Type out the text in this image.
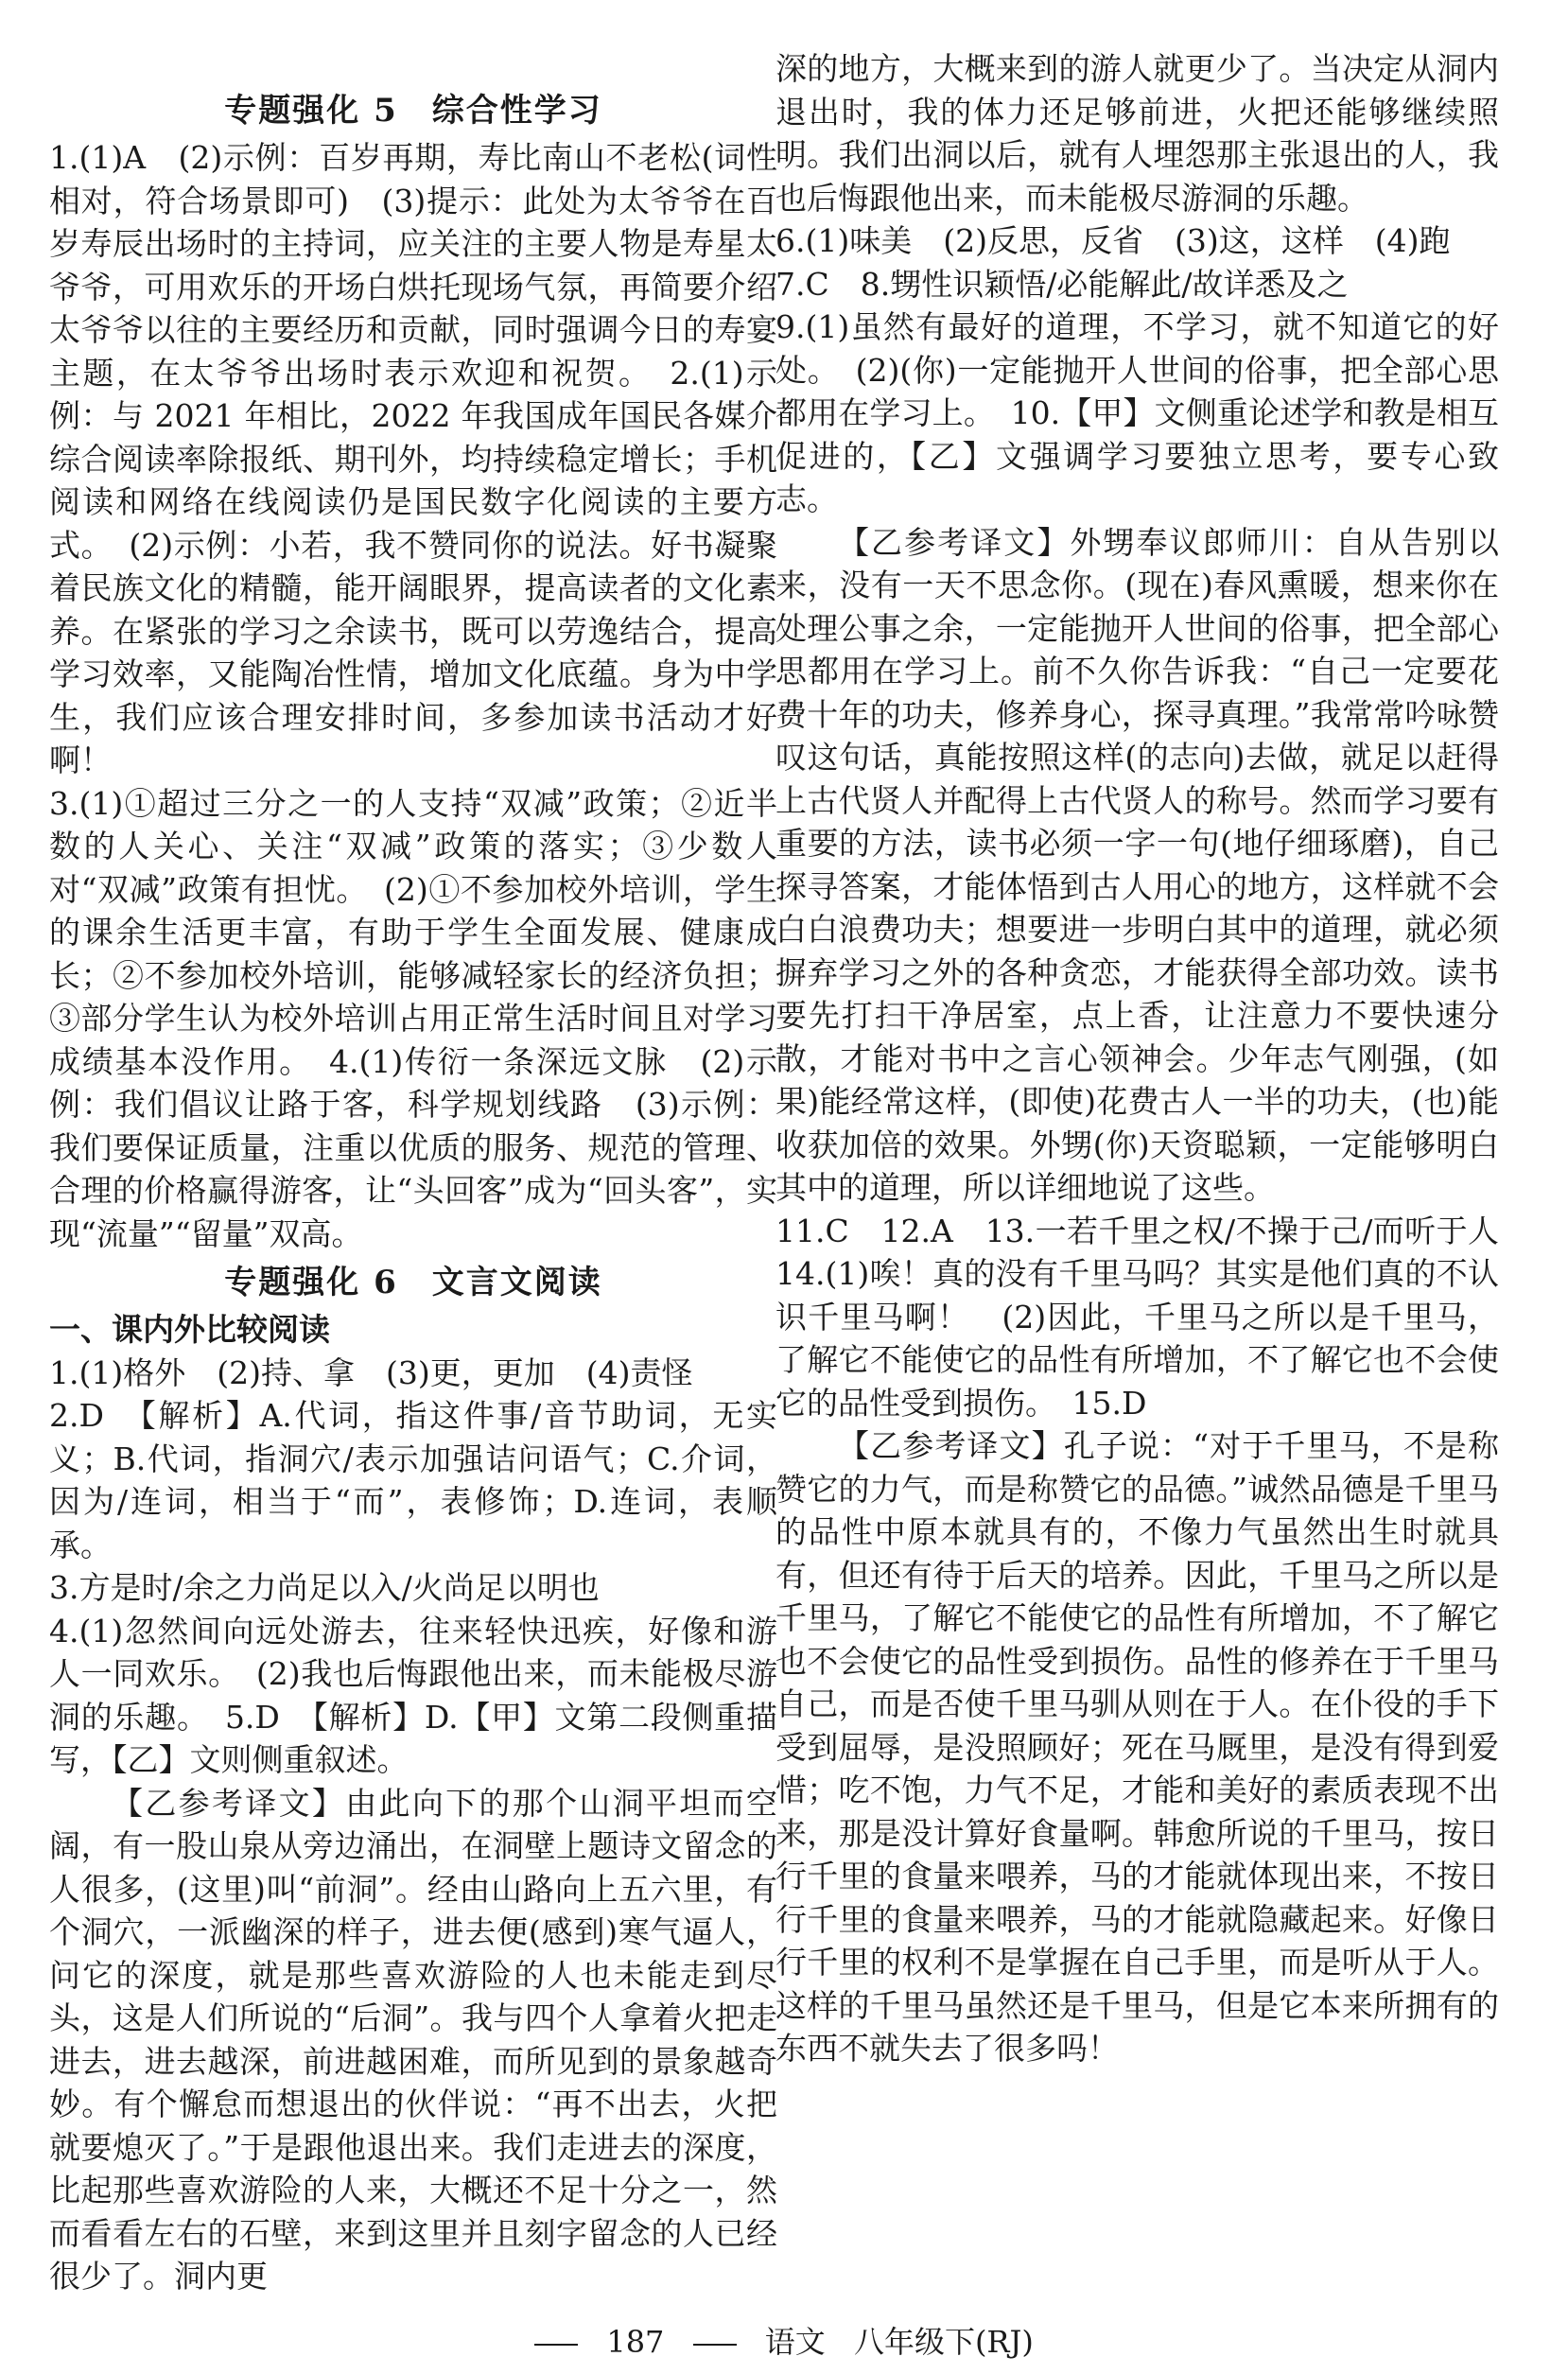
专题强化 5 综合性学习

1.(1)A　(2)示例：百岁再期，寿比南山不老松(词性相对，符合场景即可)　(3)提示：此处为太爷爷在百岁寿辰出场时的主持词，应关注的主要人物是寿星太爷爷，可用欢乐的开场白烘托现场气氛，再简要介绍太爷爷以往的主要经历和贡献，同时强调今日的寿宴主题，在太爷爷出场时表示欢迎和祝贺。　2.(1)示例：与 2021 年相比，2022 年我国成年国民各媒介综合阅读率除报纸、期刊外，均持续稳定增长；手机阅读和网络在线阅读仍是国民数字化阅读的主要方式。　(2)示例：小若，我不赞同你的说法。好书凝聚着民族文化的精髓，能开阔眼界，提高读者的文化素养。在紧张的学习之余读书，既可以劳逸结合，提高学习效率，又能陶冶性情，增加文化底蕴。身为中学生，我们应该合理安排时间，多参加读书活动才好啊！

3.(1)①超过三分之一的人支持“双减”政策；②近半数的人关心、关注“双减”政策的落实；③少数人对“双减”政策有担忧。　(2)①不参加校外培训，学生的课余生活更丰富，有助于学生全面发展、健康成长；②不参加校外培训，能够减轻家长的经济负担；③部分学生认为校外培训占用正常生活时间且对学习成绩基本没作用。　4.(1)传衍一条深远文脉　(2)示例：我们倡议让路于客，科学规划线路　(3)示例：我们要保证质量，注重以优质的服务、规范的管理、合理的价格赢得游客，让“头回客”成为“回头客”，实现“流量”“留量”双高。

专题强化 6 文言文阅读
一、课内外比较阅读

1.(1)格外　(2)持、拿　(3)更，更加　(4)责怪

2.D　【解析】A.代词，指这件事/音节助词，无实义；B.代词，指洞穴/表示加强诘问语气；C.介词，因为/连词，相当于“而”，表修饰；D.连词，表顺承。

3.方是时/余之力尚足以入/火尚足以明也

4.(1)忽然间向远处游去，往来轻快迅疾，好像和游人一同欢乐。　(2)我也后悔跟他出来，而未能极尽游洞的乐趣。　5.D　【解析】D.【甲】文第二段侧重描写，【乙】文则侧重叙述。

【乙参考译文】由此向下的那个山洞平坦而空阔，有一股山泉从旁边涌出，在洞壁上题诗文留念的人很多，(这里)叫“前洞”。经由山路向上五六里，有个洞穴，一派幽深的样子，进去便(感到)寒气逼人，问它的深度，就是那些喜欢游险的人也未能走到尽头，这是人们所说的“后洞”。我与四个人拿着火把走进去，进去越深，前进越困难，而所见到的景象越奇妙。有个懈怠而想退出的伙伴说：“再不出去，火把就要熄灭了。”于是跟他退出来。我们走进去的深度，比起那些喜欢游险的人来，大概还不足十分之一，然而看看左右的石壁，来到这里并且刻字留念的人已经很少了。洞内更

深的地方，大概来到的游人就更少了。当决定从洞内退出时，我的体力还足够前进，火把还能够继续照明。我们出洞以后，就有人埋怨那主张退出的人，我也后悔跟他出来，而未能极尽游洞的乐趣。

6.(1)味美　(2)反思，反省　(3)这，这样　(4)跑

7.C　8.甥性识颖悟/必能解此/故详悉及之

9.(1)虽然有最好的道理，不学习，就不知道它的好处。　(2)(你)一定能抛开人世间的俗事，把全部心思都用在学习上。　10.【甲】文侧重论述学和教是相互促进的，【乙】文强调学习要独立思考，要专心致志。

【乙参考译文】外甥奉议郎师川：自从告别以来，没有一天不思念你。(现在)春风熏暖，想来你在处理公事之余，一定能抛开人世间的俗事，把全部心思都用在学习上。前不久你告诉我：“自己一定要花费十年的功夫，修养身心，探寻真理。”我常常吟咏赞叹这句话，真能按照这样(的志向)去做，就足以赶得上古代贤人并配得上古代贤人的称号。然而学习要有重要的方法，读书必须一字一句(地仔细琢磨)，自己探寻答案，才能体悟到古人用心的地方，这样就不会白白浪费功夫；想要进一步明白其中的道理，就必须摒弃学习之外的各种贪恋，才能获得全部功效。读书要先打扫干净居室，点上香，让注意力不要快速分散，才能对书中之言心领神会。少年志气刚强，(如果)能经常这样，(即使)花费古人一半的功夫，(也)能收获加倍的效果。外甥(你)天资聪颖，一定能够明白其中的道理，所以详细地说了这些。

11.C　12.A　13.一若千里之权/不操于己/而听于人　14.(1)唉！真的没有千里马吗？其实是他们真的不认识千里马啊！　(2)因此，千里马之所以是千里马，了解它不能使它的品性有所增加，不了解它也不会使它的品性受到损伤。　15.D

【乙参考译文】孔子说：“对于千里马，不是称赞它的力气，而是称赞它的品德。”诚然品德是千里马的品性中原本就具有的，不像力气虽然出生时就具有，但还有待于后天的培养。因此，千里马之所以是千里马，了解它不能使它的品性有所增加，不了解它也不会使它的品性受到损伤。品性的修养在于千里马自己，而是否使千里马驯从则在于人。在仆役的手下受到屈辱，是没照顾好；死在马厩里，是没有得到爱惜；吃不饱，力气不足，才能和美好的素质表现不出来，那是没计算好食量啊。韩愈所说的千里马，按日行千里的食量来喂养，马的才能就体现出来，不按日行千里的食量来喂养，马的才能就隐藏起来。好像日行千里的权利不是掌握在自己手里，而是听从于人。这样的千里马虽然还是千里马，但是它本来所拥有的东西不就失去了很多吗！

187	语文 八年级下(RJ)
